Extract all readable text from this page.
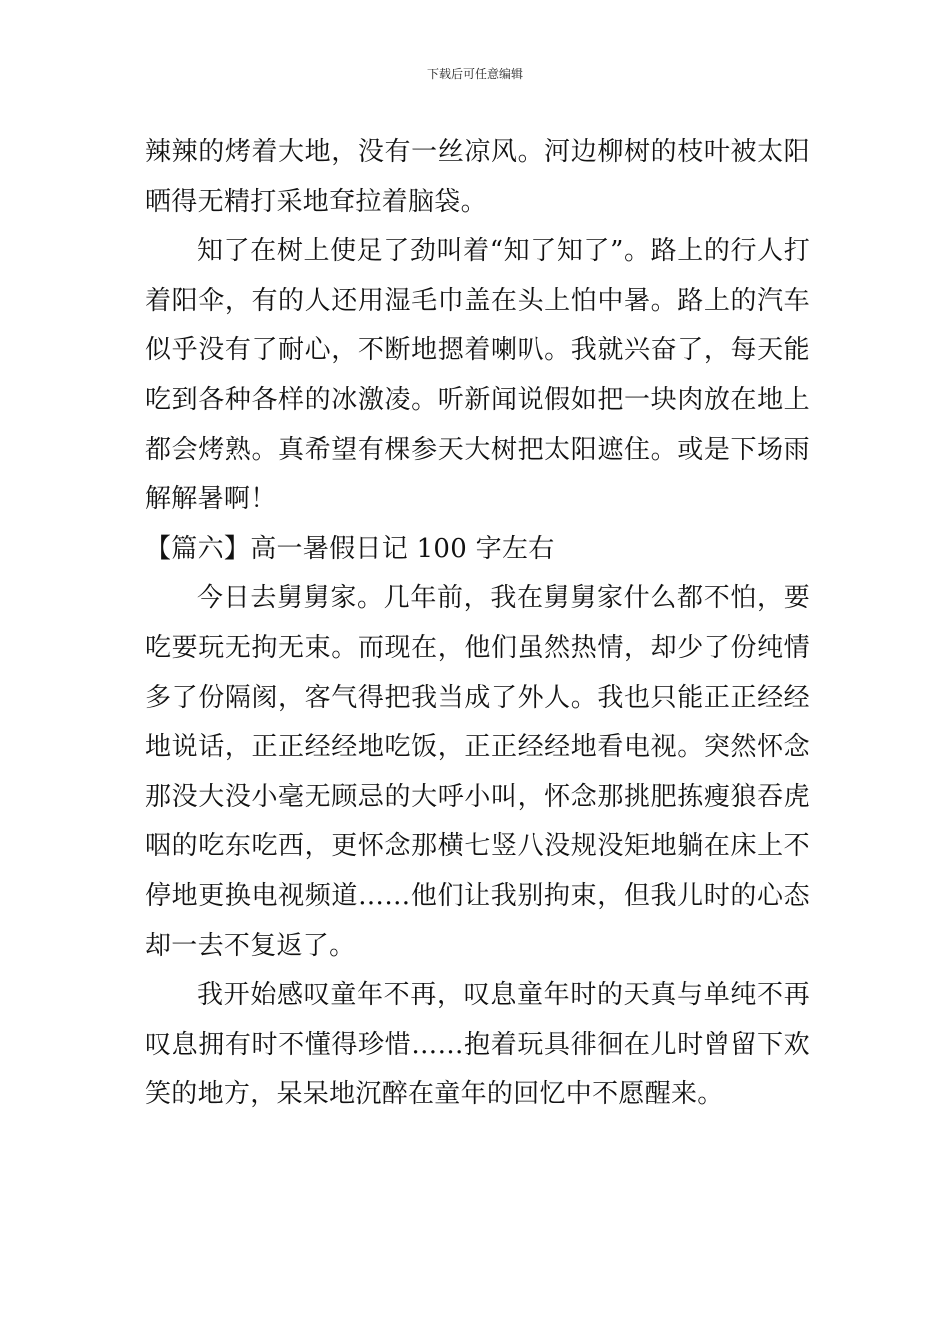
下载后可任意编辑

辣辣的烤着大地，没有一丝凉风。河边柳树的枝叶被太阳晒得无精打采地耷拉着脑袋。

知了在树上使足了劲叫着“知了知了”。路上的行人打着阳伞，有的人还用湿毛巾盖在头上怕中暑。路上的汽车似乎没有了耐心，不断地摁着喇叭。我就兴奋了，每天能吃到各种各样的冰激凌。听新闻说假如把一块肉放在地上都会烤熟。真希望有棵参天大树把太阳遮住。或是下场雨解解暑啊！

【篇六】高一暑假日记 100 字左右

今日去舅舅家。几年前，我在舅舅家什么都不怕，要吃要玩无拘无束。而现在，他们虽然热情，却少了份纯情多了份隔阂，客气得把我当成了外人。我也只能正正经经地说话，正正经经地吃饭，正正经经地看电视。突然怀念那没大没小毫无顾忌的大呼小叫，怀念那挑肥拣瘦狼吞虎咽的吃东吃西，更怀念那横七竖八没规没矩地躺在床上不停地更换电视频道……他们让我别拘束，但我儿时的心态却一去不复返了。

我开始感叹童年不再，叹息童年时的天真与单纯不再叹息拥有时不懂得珍惜……抱着玩具徘徊在儿时曾留下欢笑的地方，呆呆地沉醉在童年的回忆中不愿醒来。
